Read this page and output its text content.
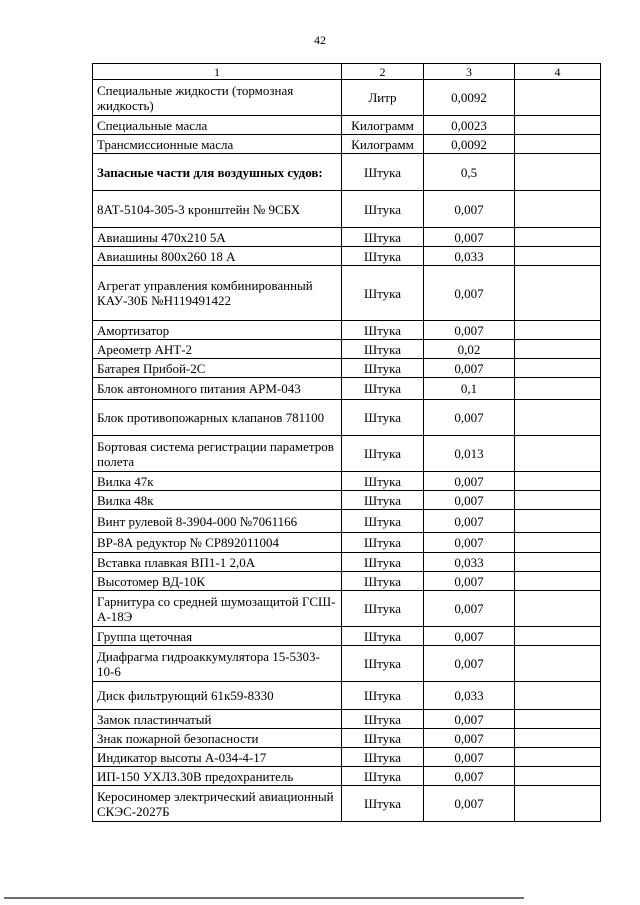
42
1	2	3	4
Специальные жидкости (тормозная жидкость)	Литр	0,0092	
Специальные масла	Килограмм	0,0023	
Трансмиссионные масла	Килограмм	0,0092	
Запасные части для воздушных судов:	Штука	0,5	
8АТ-5104-305-3 кронштейн № 9СБХ	Штука	0,007	
Авиашины 470х210 5А	Штука	0,007	
Авиашины 800х260 18 А	Штука	0,033	
Агрегат управления комбинированный КАУ-30Б №Н119491422	Штука	0,007	
Амортизатор	Штука	0,007	
Ареометр АНТ-2	Штука	0,02	
Батарея Прибой-2С	Штука	0,007	
Блок автономного питания АРМ-043	Штука	0,1	
Блок противопожарных клапанов 781100	Штука	0,007	
Бортовая система регистрации параметров полета	Штука	0,013	
Вилка 47к	Штука	0,007	
Вилка 48к	Штука	0,007	
Винт рулевой 8-3904-000 №7061166	Штука	0,007	
ВР-8А редуктор № СР892011004	Штука	0,007	
Вставка плавкая ВП1-1 2,0А	Штука	0,033	
Высотомер ВД-10К	Штука	0,007	
Гарнитура со средней шумозащитой ГСШ-А-18Э	Штука	0,007	
Группа щеточная	Штука	0,007	
Диафрагма гидроаккумулятора 15-5303-10-6	Штука	0,007	
Диск фильтрующий 61к59-8330	Штука	0,033	
Замок пластинчатый	Штука	0,007	
Знак пожарной безопасности	Штука	0,007	
Индикатор высоты А-034-4-17	Штука	0,007	
ИП-150 УХЛЗ.30В предохранитель	Штука	0,007	
Керосиномер электрический авиационный СКЭС-2027Б	Штука	0,007	
